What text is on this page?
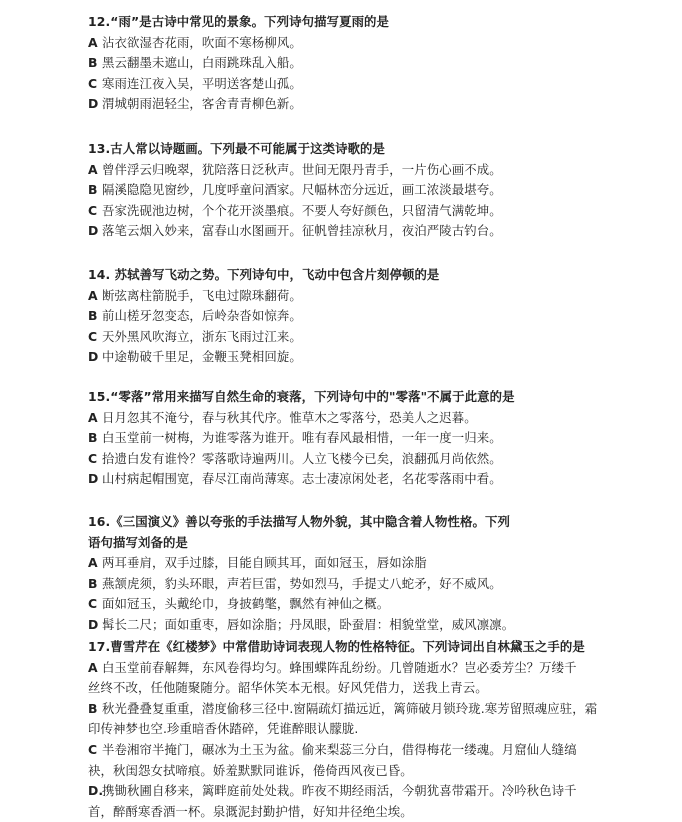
12.“雨”是古诗中常见的景象。下列诗句描写夏雨的是
A 沾衣欲湿杏花雨，吹面不寒杨柳风。
B 黑云翻墨未遮山，白雨跳珠乱入船。
C 寒雨连江夜入吴，平明送客楚山孤。
D 渭城朝雨浥轻尘，客舍青青柳色新。
13.古人常以诗题画。下列最不可能属于这类诗歌的是
A 曾伴浮云归晚翠，犹陪落日泛秋声。世间无限丹青手，一片伤心画不成。
B 隔溪隐隐见窗纱，几度呼童问酒家。尺幅林峦分远近，画工浓淡最堪夸。
C 吾家洗砚池边树，个个花开淡墨痕。不要人夸好颜色，只留清气满乾坤。
D 落笔云烟入妙来，富春山水图画开。征帆曾挂凉秋月，夜泊严陵古钓台。
14. 苏轼善写飞动之势。下列诗句中，飞动中包含片刻停顿的是
A 断弦离柱箭脱手，飞电过隙珠翻荷。
B 前山槎牙忽变态，后岭杂沓如惊奔。
C 天外黑风吹海立，浙东飞雨过江来。
D 中途勒破千里足，金鞭玉凳相回旋。
15.“零落”常用来描写自然生命的衰落，下列诗句中的"零落"不属于此意的是
A 日月忽其不淹兮，春与秋其代序。惟草木之零落兮，恐美人之迟暮。
B 白玉堂前一树梅，为谁零落为谁开。唯有春风最相惜，一年一度一归来。
C 拾遗白发有谁怜？零落歌诗遍两川。人立飞楼今已矣，浪翻孤月尚依然。
D 山村病起帽围宽，春尽江南尚薄寒。志士凄凉闲处老，名花零落雨中看。
16.《三国演义》善以夸张的手法描写人物外貌，其中隐含着人物性格。下列
语句描写刘备的是
A 两耳垂肩，双手过膝，目能自顾其耳，面如冠玉，唇如涂脂
B 燕颔虎须，豹头环眼，声若巨雷，势如烈马，手提丈八蛇矛，好不威风。
C 面如冠玉，头戴纶巾，身披鹤氅，飘然有神仙之概。
D 髯长二尺；面如重枣，唇如涂脂；丹凤眼，卧蚕眉：相貌堂堂，威风凛凛。
17.曹雪芹在《红楼梦》中常借助诗词表现人物的性格特征。下列诗词出自林黛玉之手的是
A 白玉堂前春解舞，东风卷得均匀。蜂围蝶阵乱纷纷。几曾随逝水？岂必委芳尘？万缕千
丝终不改，任他随聚随分。韶华休笑本无根。好风凭借力，送我上青云。
B 秋光叠叠复重重，潜度偷移三径中.窗隔疏灯描远近，篱筛破月锁玲珑.寒芳留照魂应驻，霜
印传神梦也空.珍重暗香休踏碎，凭谁醉眼认朦胧.
C 半卷湘帘半掩门，碾冰为土玉为盆。偷来梨蕊三分白，借得梅花一缕魂。月窟仙人缝缟
袂，秋闺怨女拭啼痕。娇羞默默同谁诉，倦倚西风夜已昏。
D.携锄秋圃自移来，篱畔庭前处处栽。昨夜不期经雨活，今朝犹喜带霜开。冷吟秋色诗千
首，醉酹寒香酒一杯。泉溉泥封勤护惜，好知井径绝尘埃。
